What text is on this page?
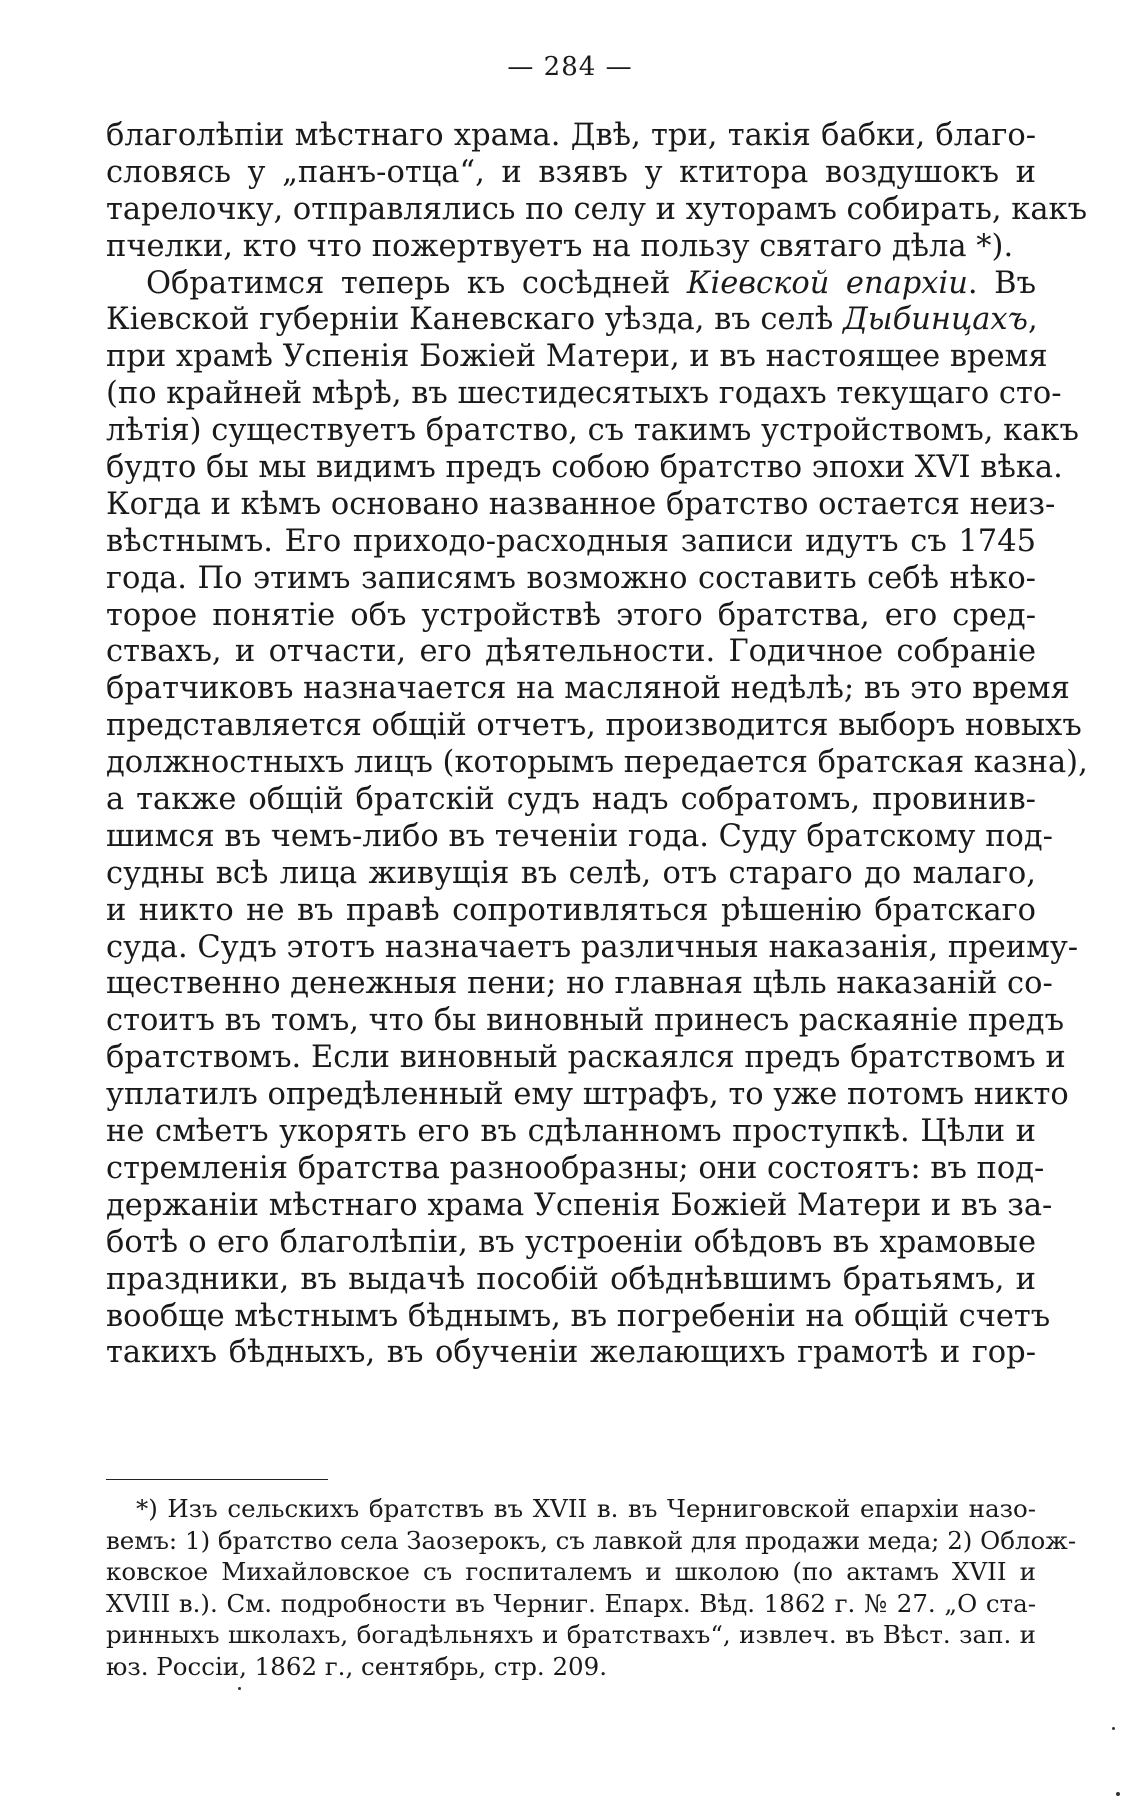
— 284 —
благолѣпіи мѣстнаго храма. Двѣ, три, такія бабки, благо-
словясь у „панъ-отца“, и взявъ у ктитора воздушокъ и
тарелочку, отправлялись по селу и хуторамъ собирать, какъ
пчелки, кто что пожертвуетъ на пользу святаго дѣла *).
Обратимся теперь къ сосѣдней Кіевской епархіи. Въ
Кіевской губерніи Каневскаго уѣзда, въ селѣ Дыбинцахъ,
при храмѣ Успенія Божіей Матери, и въ настоящее время
(по крайней мѣрѣ, въ шестидесятыхъ годахъ текущаго сто-
лѣтія) существуетъ братство, съ такимъ устройствомъ, какъ
будто бы мы видимъ предъ собою братство эпохи XVI вѣка.
Когда и кѣмъ основано названное братство остается неиз-
вѣстнымъ. Его приходо-расходныя записи идутъ съ 1745
года. По этимъ записямъ возможно составить себѣ нѣко-
торое понятіе объ устройствѣ этого братства, его сред-
ствахъ, и отчасти, его дѣятельности. Годичное собраніе
братчиковъ назначается на масляной недѣлѣ; въ это время
представляется общій отчетъ, производится выборъ новыхъ
должностныхъ лицъ (которымъ передается братская казна),
а также общій братскій судъ надъ собратомъ, провинив-
шимся въ чемъ-либо въ теченіи года. Суду братскому под-
судны всѣ лица живущія въ селѣ, отъ стараго до малаго,
и никто не въ правѣ сопротивляться рѣшенію братскаго
суда. Судъ этотъ назначаетъ различныя наказанія, преиму-
щественно денежныя пени; но главная цѣль наказаній со-
стоитъ въ томъ, что бы виновный принесъ раскаяніе предъ
братствомъ. Если виновный раскаялся предъ братствомъ и
уплатилъ опредѣленный ему штрафъ, то уже потомъ никто
не смѣетъ укорять его въ сдѣланномъ проступкѣ. Цѣли и
стремленія братства разнообразны; они состоятъ: въ под-
держаніи мѣстнаго храма Успенія Божіей Матери и въ за-
ботѣ о его благолѣпіи, въ устроеніи обѣдовъ въ храмовые
праздники, въ выдачѣ пособій обѣднѣвшимъ братьямъ, и
вообще мѣстнымъ бѣднымъ, въ погребеніи на общій счетъ
такихъ бѣдныхъ, въ обученіи желающихъ грамотѣ и гор-
*) Изъ сельскихъ братствъ въ XVII в. въ Черниговской епархіи назо-
вемъ: 1) братство села Заозерокъ, съ лавкой для продажи меда; 2) Облож-
ковское Михайловское съ госпиталемъ и школою (по актамъ XVII и
XVIII в.). См. подробности въ Черниг. Епарх. Вѣд. 1862 г. № 27. „О ста-
ринныхъ школахъ, богадѣльняхъ и братствахъ“, извлеч. въ Вѣст. зап. и
юз. Россіи, 1862 г., сентябрь, стр. 209.
